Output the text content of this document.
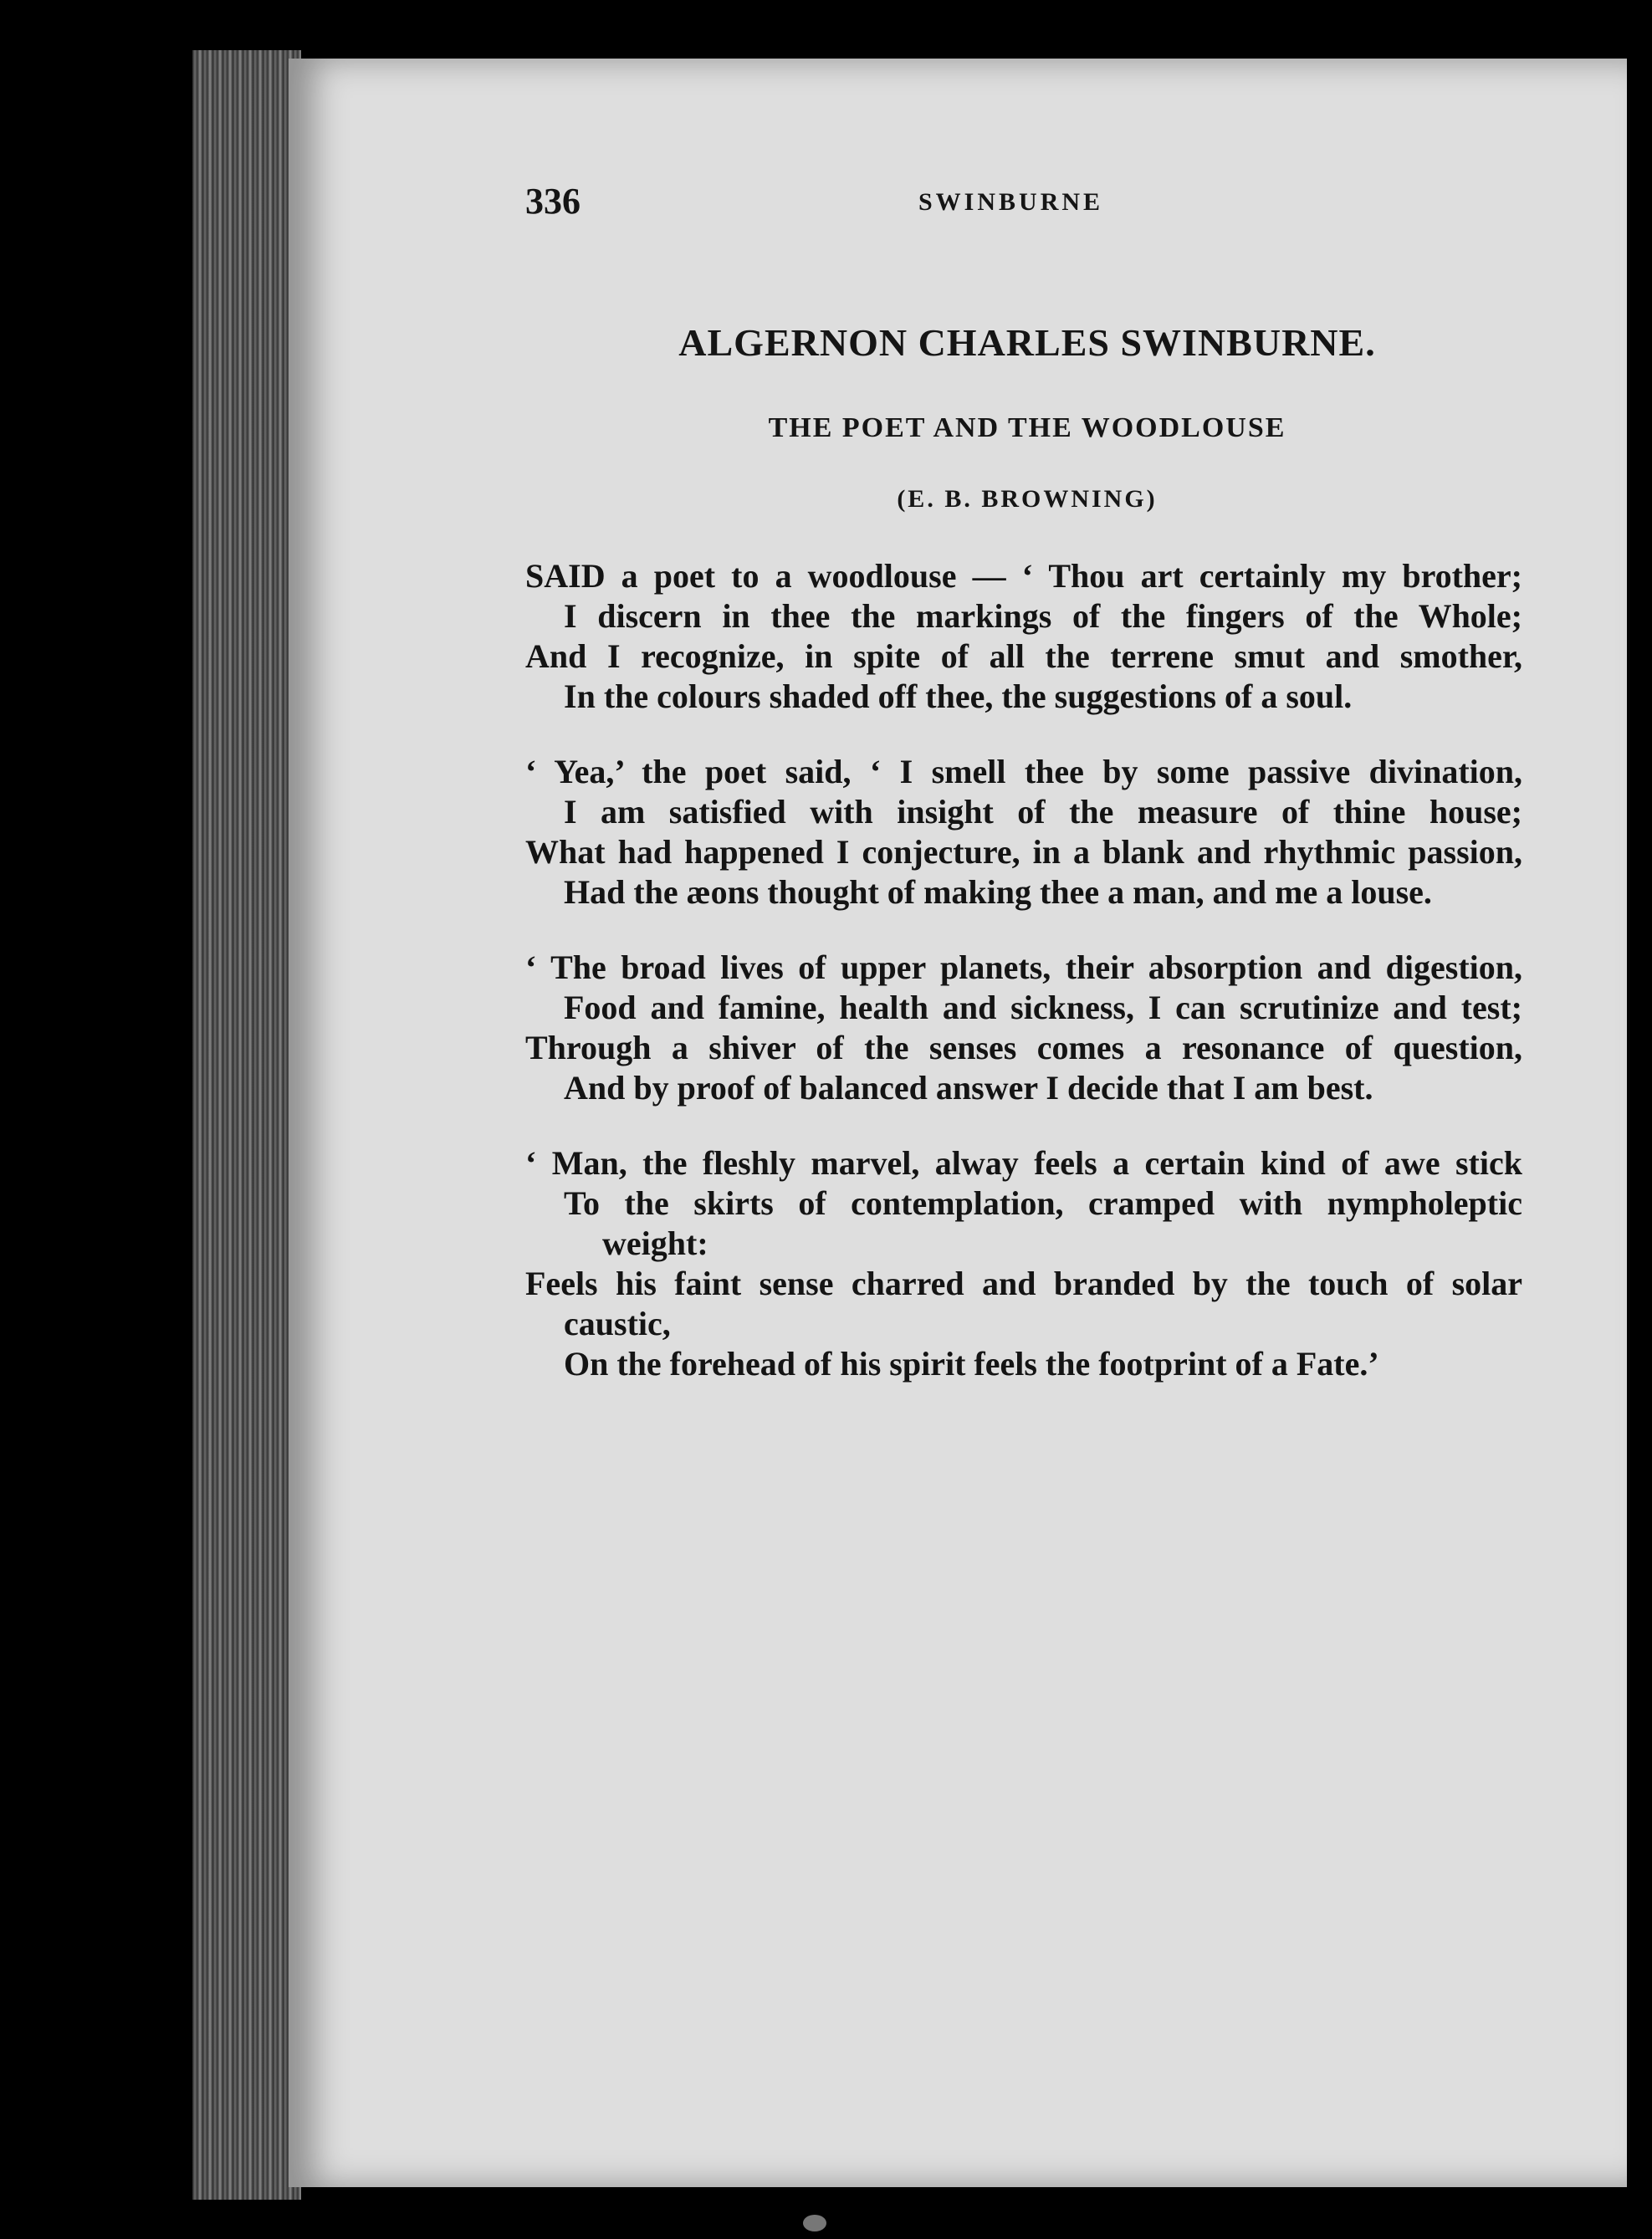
336	SWINBURNE
ALGERNON CHARLES SWINBURNE.
THE POET AND THE WOODLOUSE
(E. B. BROWNING)
SAID a poet to a woodlouse — ‘ Thou art certainly my brother;
I discern in thee the markings of the fingers of the Whole;
And I recognize, in spite of all the terrene smut and smother,
In the colours shaded off thee, the suggestions of a soul.
‘ Yea,’ the poet said, ‘ I smell thee by some passive divination,
I am satisfied with insight of the measure of thine house;
What had happened I conjecture, in a blank and rhythmic passion,
Had the æons thought of making thee a man, and me a louse.
‘ The broad lives of upper planets, their absorption and digestion,
Food and famine, health and sickness, I can scrutinize and test;
Through a shiver of the senses comes a resonance of question,
And by proof of balanced answer I decide that I am best.
‘ Man, the fleshly marvel, alway feels a certain kind of awe stick
To the skirts of contemplation, cramped with nympholeptic weight:
Feels his faint sense charred and branded by the touch of solar caustic,
On the forehead of his spirit feels the footprint of a Fate.’
